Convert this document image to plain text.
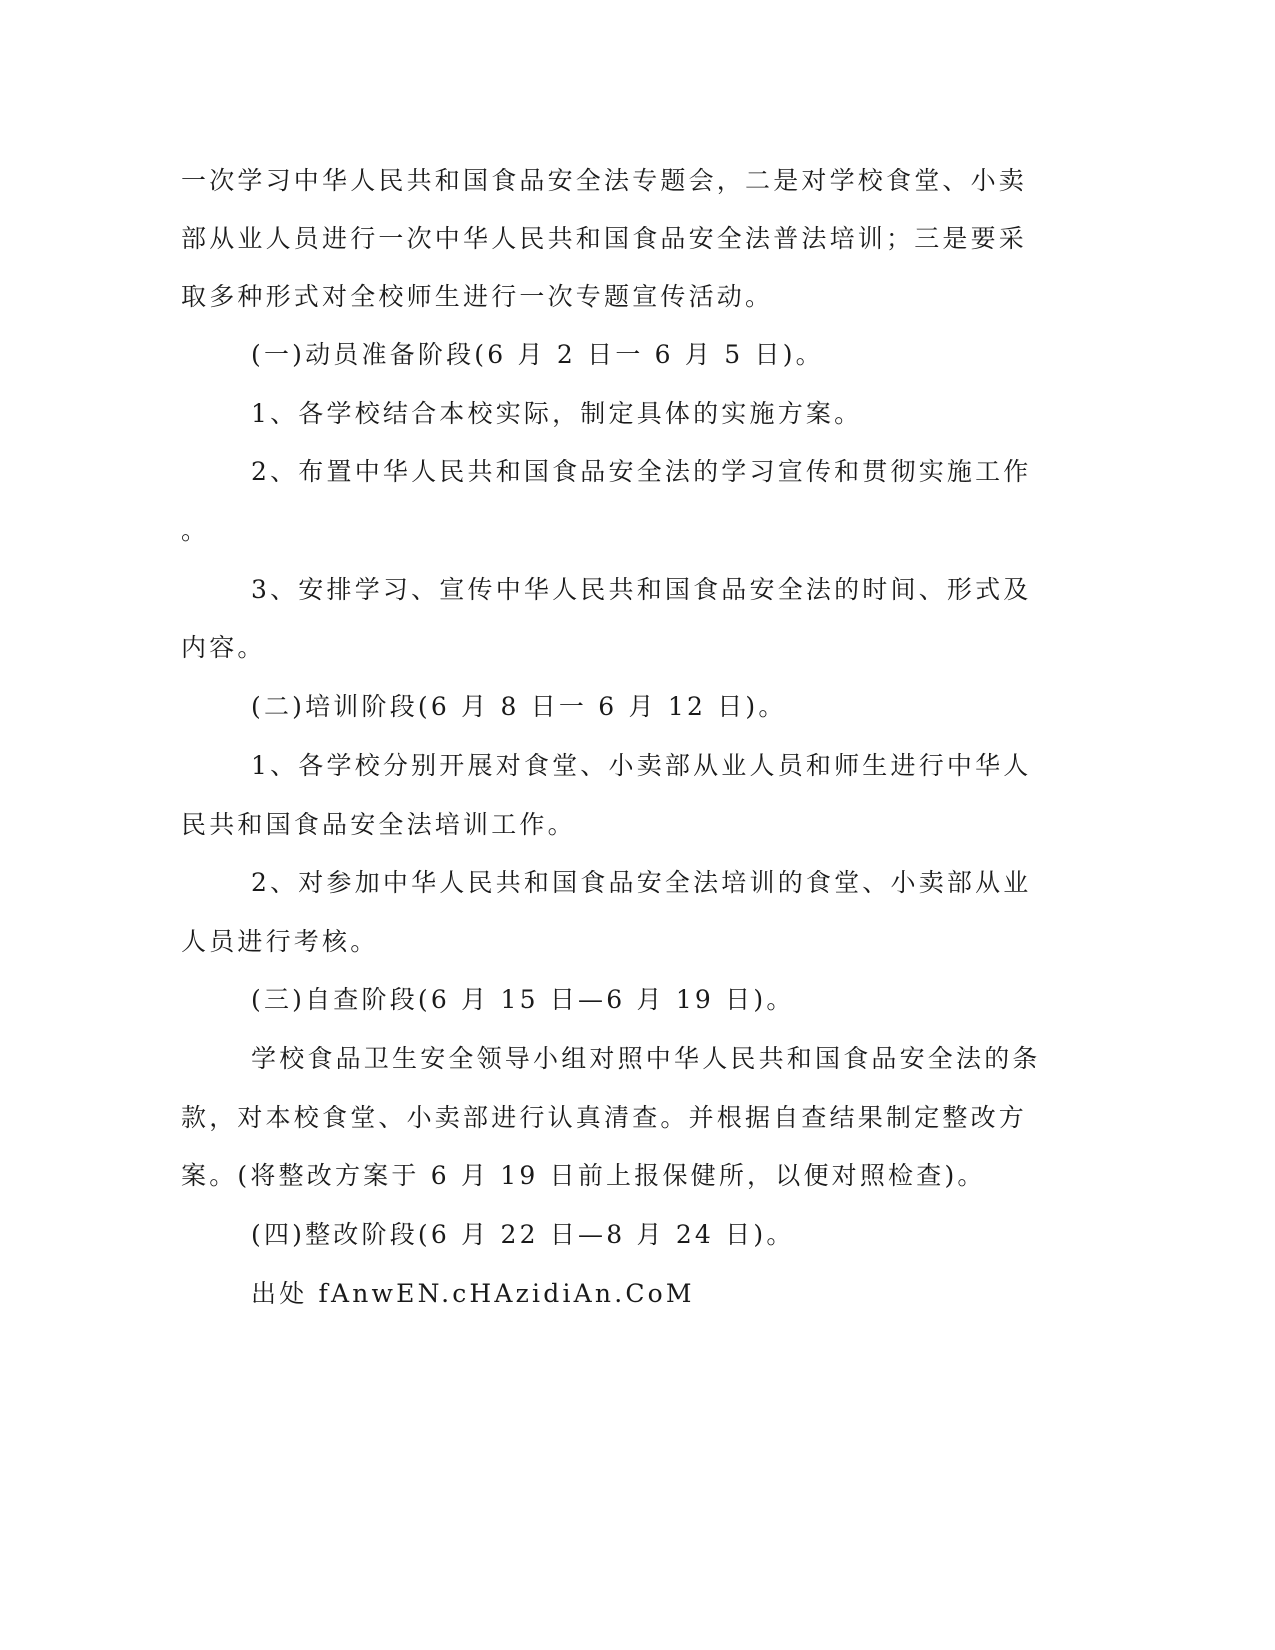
一次学习中华人民共和国食品安全法专题会，二是对学校食堂、小卖
部从业人员进行一次中华人民共和国食品安全法普法培训；三是要采
取多种形式对全校师生进行一次专题宣传活动。
(一)动员准备阶段(6 月 2 日一 6 月 5 日)。
1、各学校结合本校实际，制定具体的实施方案。
2、布置中华人民共和国食品安全法的学习宣传和贯彻实施工作
。
3、安排学习、宣传中华人民共和国食品安全法的时间、形式及
内容。
(二)培训阶段(6 月 8 日一 6 月 12 日)。
1、各学校分别开展对食堂、小卖部从业人员和师生进行中华人
民共和国食品安全法培训工作。
2、对参加中华人民共和国食品安全法培训的食堂、小卖部从业
人员进行考核。
(三)自查阶段(6 月 15 日—6 月 19 日)。
学校食品卫生安全领导小组对照中华人民共和国食品安全法的条
款，对本校食堂、小卖部进行认真清查。并根据自查结果制定整改方
案。(将整改方案于 6 月 19 日前上报保健所，以便对照检查)。
(四)整改阶段(6 月 22 日—8 月 24 日)。
出处 fAnwEN.cHAzidiAn.CoM
